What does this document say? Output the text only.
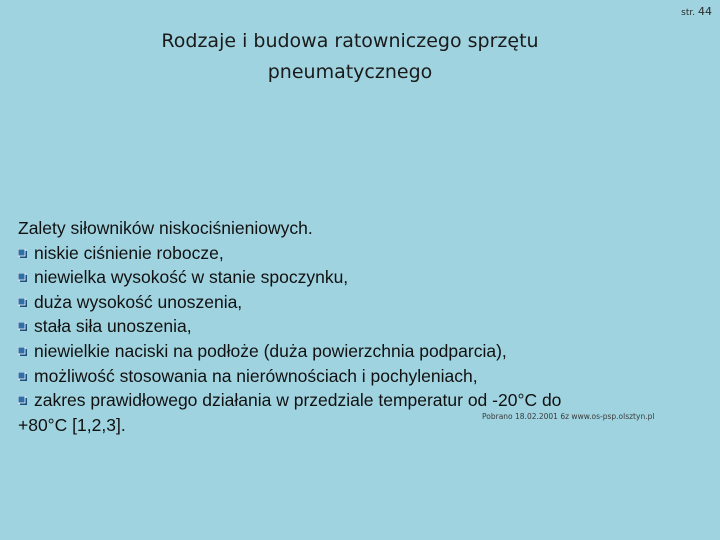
str. 44
Rodzaje i budowa ratowniczego sprzętu
pneumatycznego
Zalety siłowników niskociśnieniowych.
niskie ciśnienie robocze,
niewielka wysokość w stanie spoczynku,
duża wysokość unoszenia,
stała siła unoszenia,
niewielkie naciski na podłoże (duża powierzchnia podparcia),
możliwość stosowania na nierównościach i pochyleniach,
zakres prawidłowego działania w przedziale temperatur od -20°C do
+80°C [1,2,3].	Pobrano 18.02.2001 6z www.os-psp.olsztyn.pl
